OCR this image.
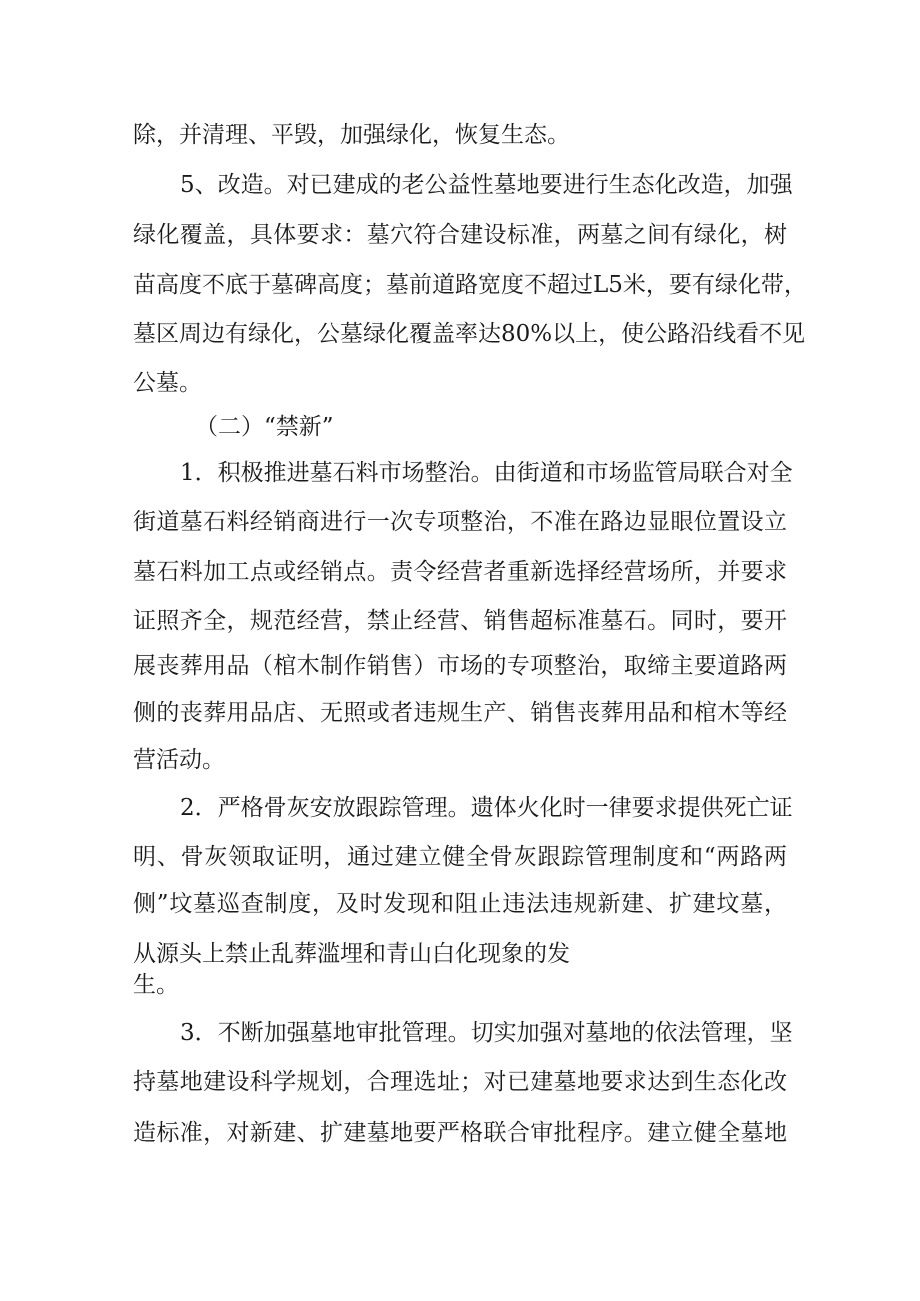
除，并清理、平毁，加强绿化，恢复生态。
5、改造。对已建成的老公益性墓地要进行生态化改造，加强
绿化覆盖，具体要求：墓穴符合建设标准，两墓之间有绿化，树
苗高度不底于墓碑高度；墓前道路宽度不超过L5米，要有绿化带，
墓区周边有绿化，公墓绿化覆盖率达80%以上，使公路沿线看不见
公墓。
（二）“禁新”
1．积极推进墓石料市场整治。由街道和市场监管局联合对全
街道墓石料经销商进行一次专项整治，不准在路边显眼位置设立
墓石料加工点或经销点。责令经营者重新选择经营场所，并要求
证照齐全，规范经营，禁止经营、销售超标准墓石。同时，要开
展丧葬用品（棺木制作销售）市场的专项整治，取缔主要道路两
侧的丧葬用品店、无照或者违规生产、销售丧葬用品和棺木等经
营活动。
2．严格骨灰安放跟踪管理。遗体火化时一律要求提供死亡证
明、骨灰领取证明，通过建立健全骨灰跟踪管理制度和“两路两
侧”坟墓巡查制度，及时发现和阻止违法违规新建、扩建坟墓，
从源头上禁止乱葬滥埋和青山白化现象的发
生。
3．不断加强墓地审批管理。切实加强对墓地的依法管理，坚
持墓地建设科学规划，合理选址；对已建墓地要求达到生态化改
造标准，对新建、扩建墓地要严格联合审批程序。建立健全墓地
